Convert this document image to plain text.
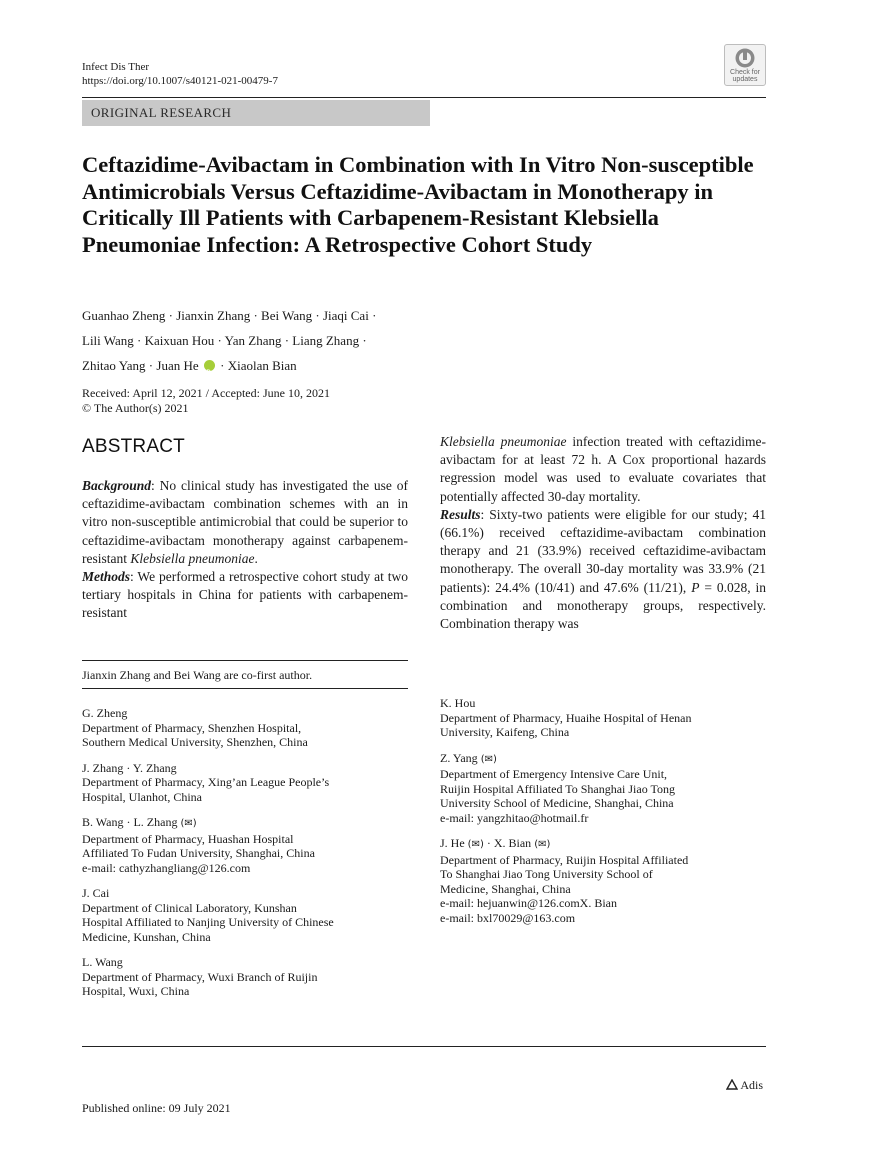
Infect Dis Ther
https://doi.org/10.1007/s40121-021-00479-7
Check for
updates
ORIGINAL RESEARCH
Ceftazidime-Avibactam in Combination with In Vitro Non-susceptible Antimicrobials Versus Ceftazidime-Avibactam in Monotherapy in Critically Ill Patients with Carbapenem-Resistant Klebsiella Pneumoniae Infection: A Retrospective Cohort Study
Guanhao Zheng · Jianxin Zhang · Bei Wang · Jiaqi Cai ·
Lili Wang · Kaixuan Hou · Yan Zhang · Liang Zhang ·
Zhitao Yang · Juan He iD · Xiaolan Bian
Received: April 12, 2021 / Accepted: June 10, 2021
© The Author(s) 2021
ABSTRACT
Background: No clinical study has investigated the use of ceftazidime-avibactam combination schemes with an in vitro non-susceptible antimicrobial that could be superior to ceftazidime-avibactam monotherapy against carbapenem-resistant Klebsiella pneumoniae.
Methods: We performed a retrospective cohort study at two tertiary hospitals in China for patients with carbapenem-resistant
Klebsiella pneumoniae infection treated with ceftazidime-avibactam for at least 72 h. A Cox proportional hazards regression model was used to evaluate covariates that potentially affected 30-day mortality.
Results: Sixty-two patients were eligible for our study; 41 (66.1%) received ceftazidime-avibactam combination therapy and 21 (33.9%) received ceftazidime-avibactam monotherapy. The overall 30-day mortality was 33.9% (21 patients): 24.4% (10/41) and 47.6% (11/21), P = 0.028, in combination and monotherapy groups, respectively. Combination therapy was
Jianxin Zhang and Bei Wang are co-first author.
G. Zheng
Department of Pharmacy, Shenzhen Hospital,
Southern Medical University, Shenzhen, China
J. Zhang · Y. Zhang
Department of Pharmacy, Xing’an League People’s
Hospital, Ulanhot, China
B. Wang · L. Zhang (✉)
Department of Pharmacy, Huashan Hospital
Affiliated To Fudan University, Shanghai, China
e-mail: cathyzhangliang@126.com
J. Cai
Department of Clinical Laboratory, Kunshan
Hospital Affiliated to Nanjing University of Chinese
Medicine, Kunshan, China
L. Wang
Department of Pharmacy, Wuxi Branch of Ruijin
Hospital, Wuxi, China
K. Hou
Department of Pharmacy, Huaihe Hospital of Henan
University, Kaifeng, China
Z. Yang (✉)
Department of Emergency Intensive Care Unit,
Ruijin Hospital Affiliated To Shanghai Jiao Tong
University School of Medicine, Shanghai, China
e-mail: yangzhitao@hotmail.fr
J. He (✉) · X. Bian (✉)
Department of Pharmacy, Ruijin Hospital Affiliated
To Shanghai Jiao Tong University School of
Medicine, Shanghai, China
e-mail: hejuanwin@126.comX. Bian
e-mail: bxl70029@163.com
Adis
Published online: 09 July 2021
